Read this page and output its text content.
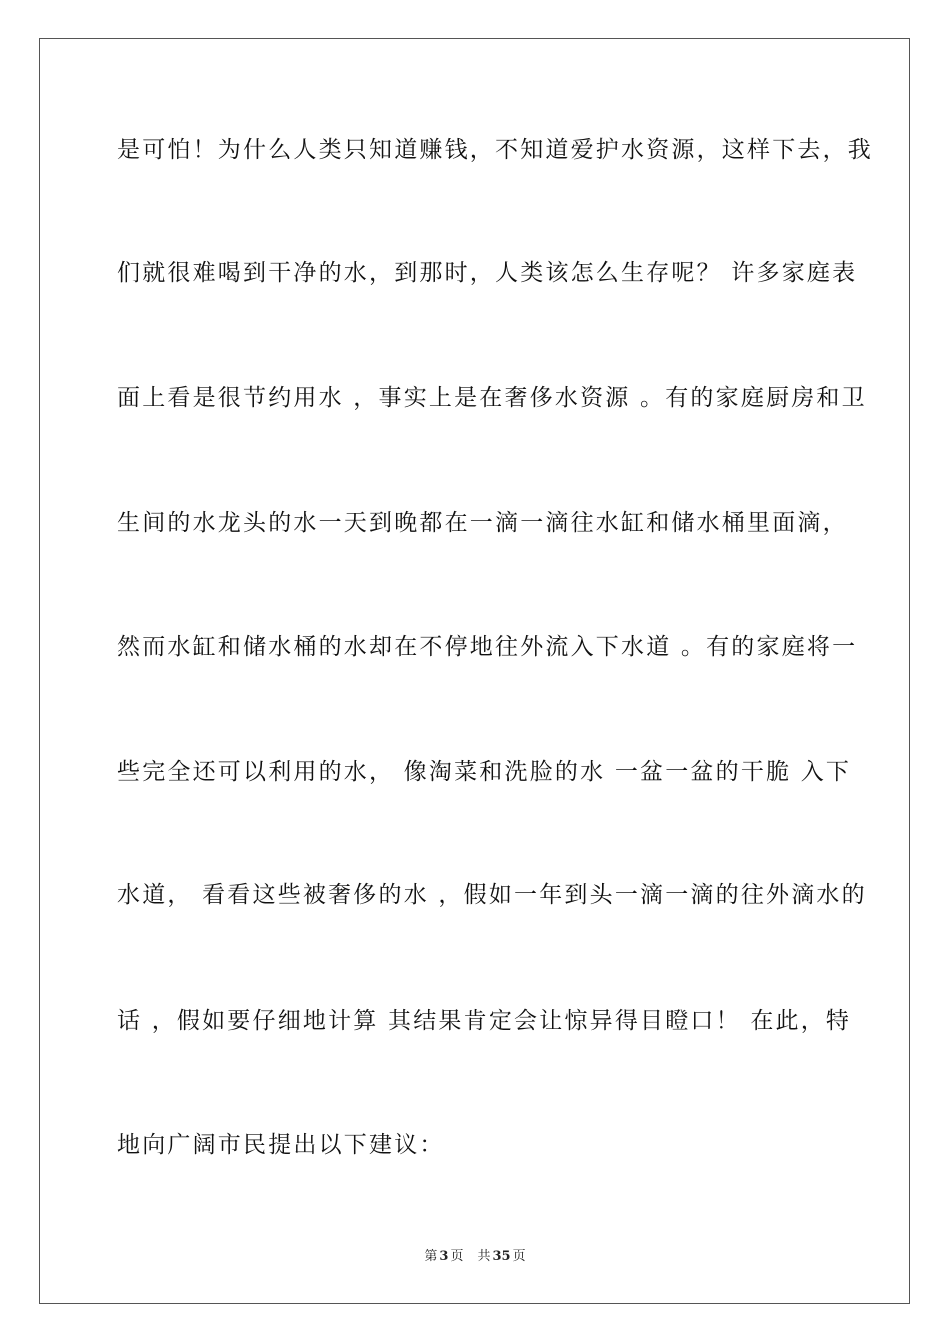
是可怕！为什么人类只知道赚钱，不知道爱护水资源，这样下去，我
们就很难喝到干净的水，到那时，人类该怎么生存呢？ 许多家庭表
面上看是很节约用水 ，事实上是在奢侈水资源 。有的家庭厨房和卫
生间的水龙头的水一天到晚都在一滴一滴往水缸和储水桶里面滴，
然而水缸和储水桶的水却在不停地往外流入下水道 。有的家庭将一
些完全还可以利用的水， 像淘菜和洗脸的水 一盆一盆的干脆 入下
水道， 看看这些被奢侈的水 ，假如一年到头一滴一滴的往外滴水的
话 ，假如要仔细地计算 其结果肯定会让惊异得目瞪口！ 在此，特
地向广阔市民提出以下建议：
第 3 页 共 35 页
